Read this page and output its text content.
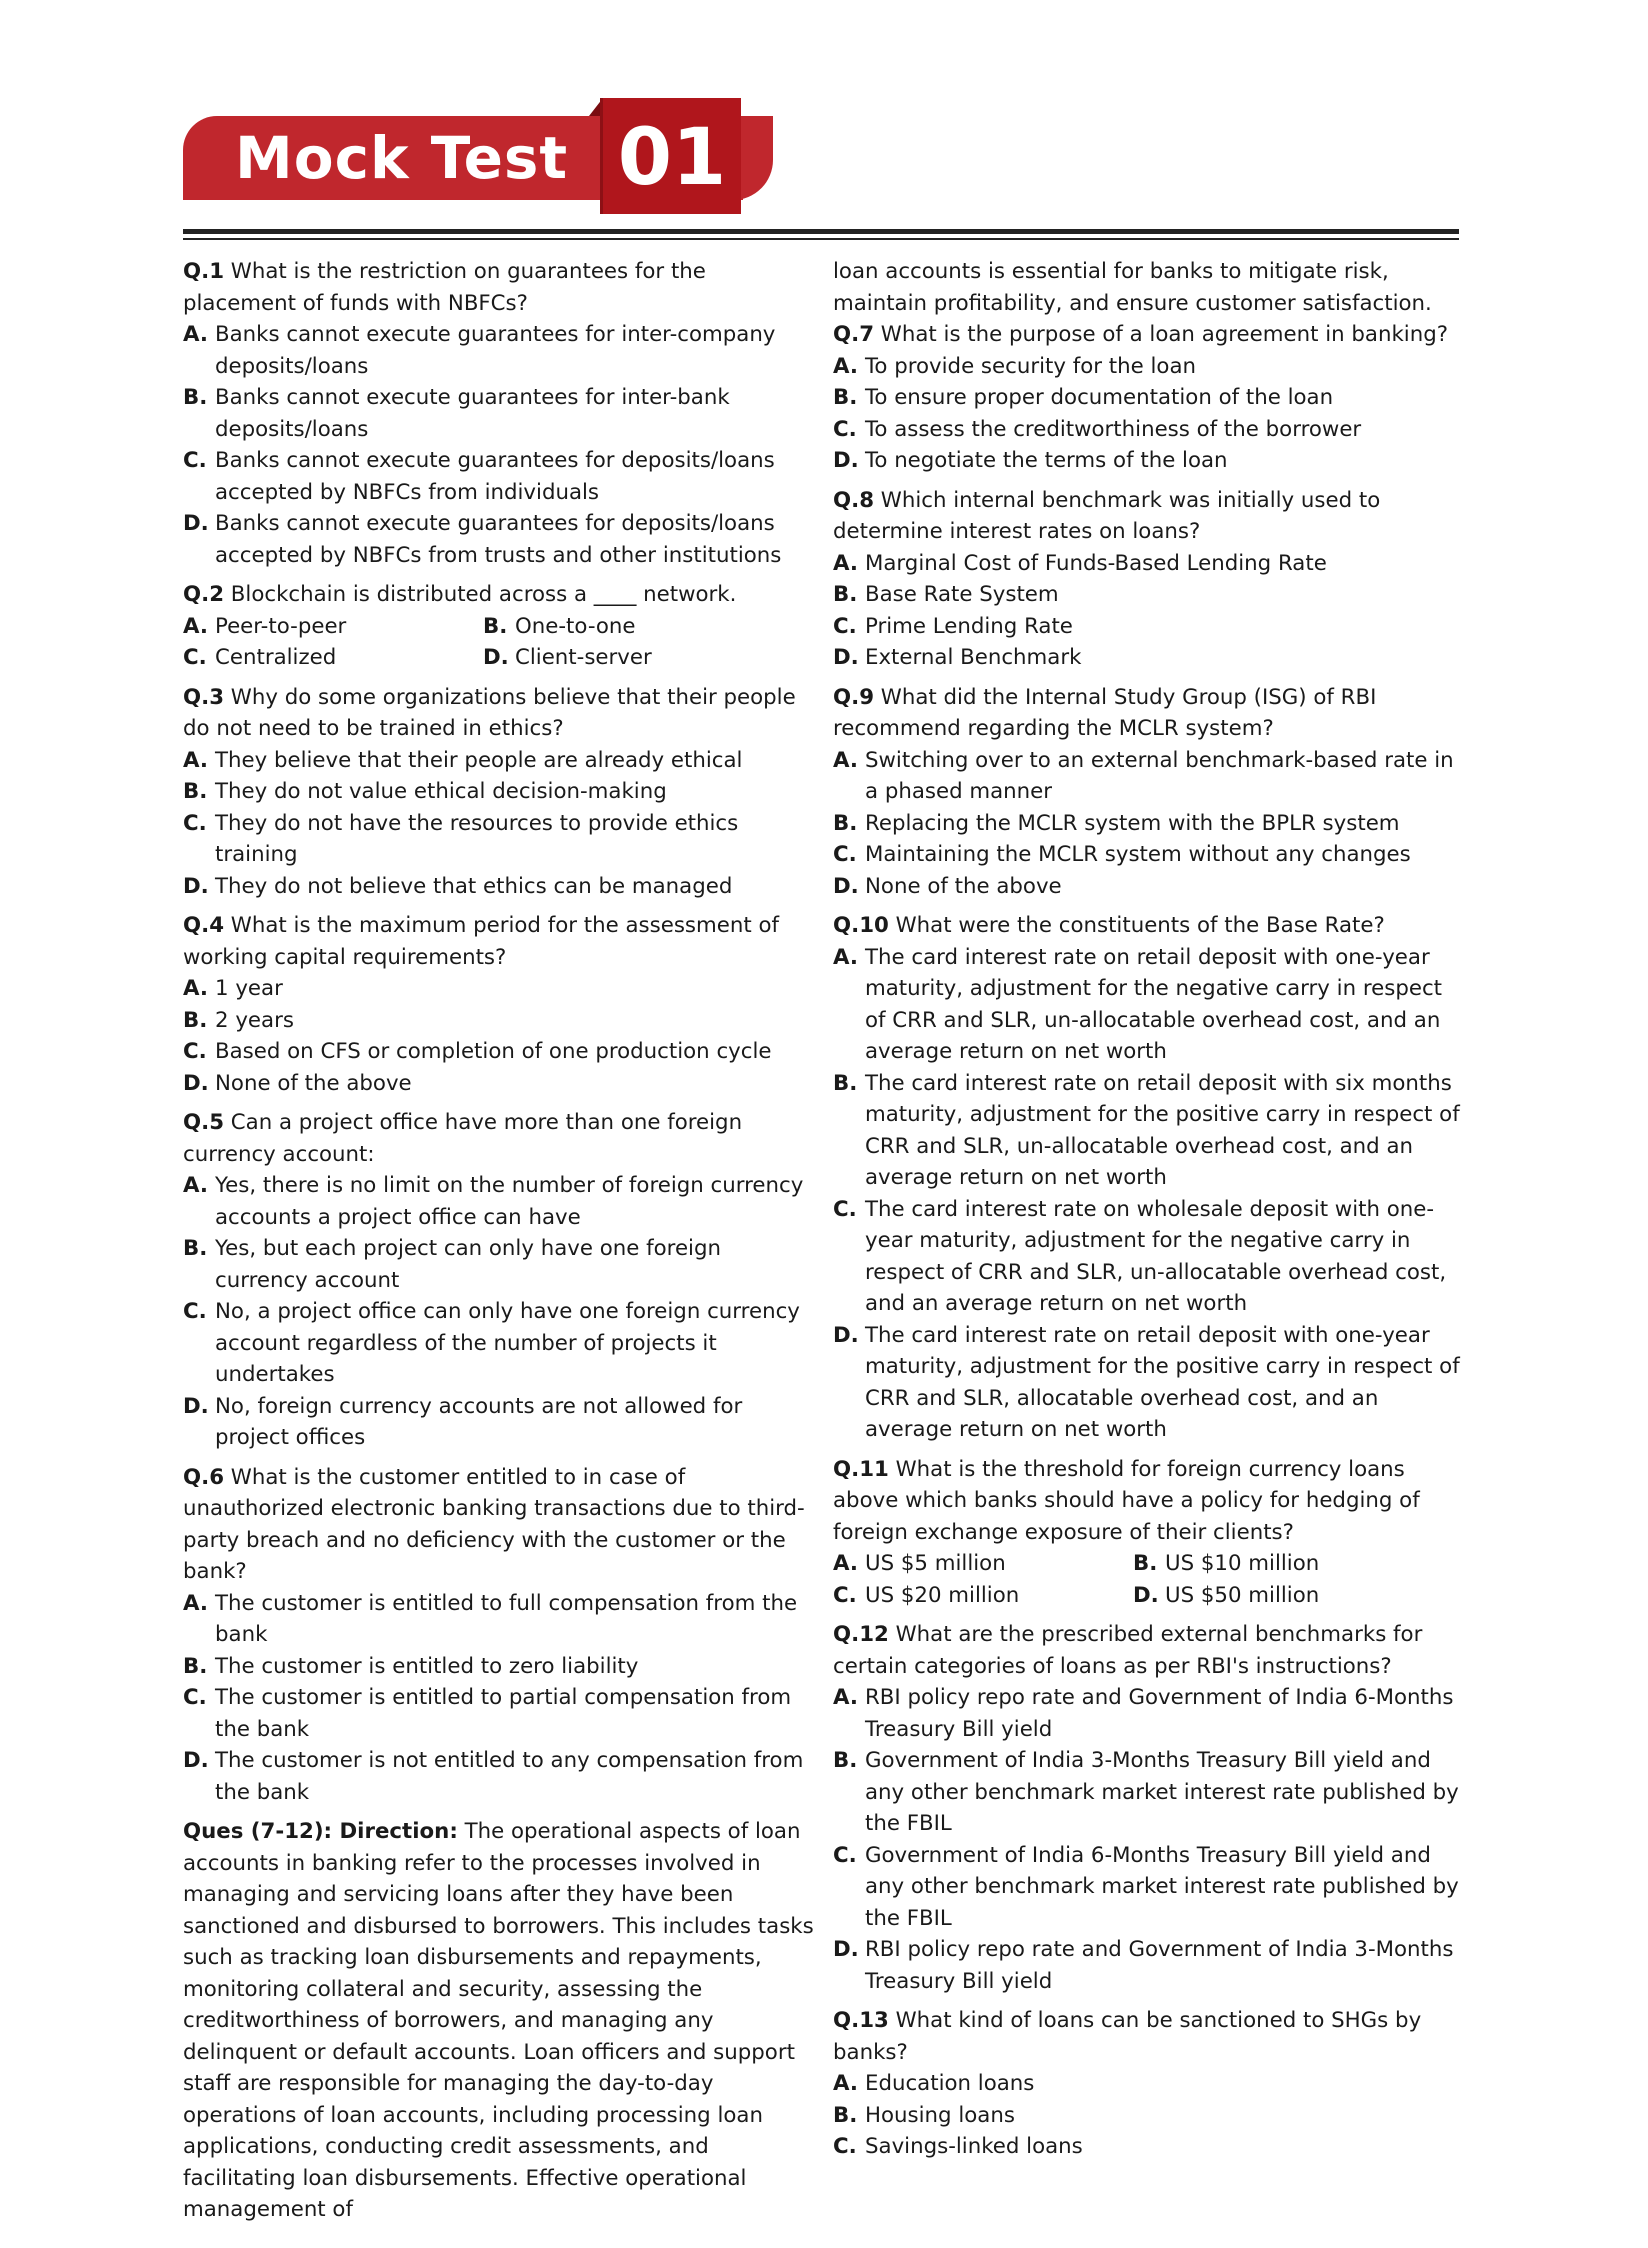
Mock Test 01

Q.1 What is the restriction on guarantees for the placement of funds with NBFCs?

A. Banks cannot execute guarantees for inter-company deposits/loans

B. Banks cannot execute guarantees for inter-bank deposits/loans

C. Banks cannot execute guarantees for deposits/loans accepted by NBFCs from individuals

D. Banks cannot execute guarantees for deposits/loans accepted by NBFCs from trusts and other institutions

Q.2 Blockchain is distributed across a ____ network.

A. Peer-to-peer	B. One-to-one

C. Centralized	D. Client-server

Q.3 Why do some organizations believe that their people do not need to be trained in ethics?

A. They believe that their people are already ethical

B. They do not value ethical decision-making

C. They do not have the resources to provide ethics training

D. They do not believe that ethics can be managed

Q.4 What is the maximum period for the assessment of working capital requirements?

A. 1 year

B. 2 years

C. Based on CFS or completion of one production cycle

D. None of the above

Q.5 Can a project office have more than one foreign currency account:

A. Yes, there is no limit on the number of foreign currency accounts a project office can have

B. Yes, but each project can only have one foreign currency account

C. No, a project office can only have one foreign currency account regardless of the number of projects it undertakes

D. No, foreign currency accounts are not allowed for project offices

Q.6 What is the customer entitled to in case of unauthorized electronic banking transactions due to third-party breach and no deficiency with the customer or the bank?

A. The customer is entitled to full compensation from the bank

B. The customer is entitled to zero liability

C. The customer is entitled to partial compensation from the bank

D. The customer is not entitled to any compensation from the bank

Ques (7-12): Direction: The operational aspects of loan accounts in banking refer to the processes involved in managing and servicing loans after they have been sanctioned and disbursed to borrowers. This includes tasks such as tracking loan disbursements and repayments, monitoring collateral and security, assessing the creditworthiness of borrowers, and managing any delinquent or default accounts. Loan officers and support staff are responsible for managing the day-to-day operations of loan accounts, including processing loan applications, conducting credit assessments, and facilitating loan disbursements. Effective operational management of

loan accounts is essential for banks to mitigate risk, maintain profitability, and ensure customer satisfaction.

Q.7 What is the purpose of a loan agreement in banking?

A. To provide security for the loan

B. To ensure proper documentation of the loan

C. To assess the creditworthiness of the borrower

D. To negotiate the terms of the loan

Q.8 Which internal benchmark was initially used to determine interest rates on loans?

A. Marginal Cost of Funds-Based Lending Rate

B. Base Rate System

C. Prime Lending Rate

D. External Benchmark

Q.9 What did the Internal Study Group (ISG) of RBI recommend regarding the MCLR system?

A. Switching over to an external benchmark-based rate in a phased manner

B. Replacing the MCLR system with the BPLR system

C. Maintaining the MCLR system without any changes

D. None of the above

Q.10 What were the constituents of the Base Rate?

A. The card interest rate on retail deposit with one-year maturity, adjustment for the negative carry in respect of CRR and SLR, un-allocatable overhead cost, and an average return on net worth

B. The card interest rate on retail deposit with six months maturity, adjustment for the positive carry in respect of CRR and SLR, un-allocatable overhead cost, and an average return on net worth

C. The card interest rate on wholesale deposit with one-year maturity, adjustment for the negative carry in respect of CRR and SLR, un-allocatable overhead cost, and an average return on net worth

D. The card interest rate on retail deposit with one-year maturity, adjustment for the positive carry in respect of CRR and SLR, allocatable overhead cost, and an average return on net worth

Q.11 What is the threshold for foreign currency loans above which banks should have a policy for hedging of foreign exchange exposure of their clients?

A. US $5 million	B. US $10 million

C. US $20 million	D. US $50 million

Q.12 What are the prescribed external benchmarks for certain categories of loans as per RBI's instructions?

A. RBI policy repo rate and Government of India 6-Months Treasury Bill yield

B. Government of India 3-Months Treasury Bill yield and any other benchmark market interest rate published by the FBIL

C. Government of India 6-Months Treasury Bill yield and any other benchmark market interest rate published by the FBIL

D. RBI policy repo rate and Government of India 3-Months Treasury Bill yield

Q.13 What kind of loans can be sanctioned to SHGs by banks?

A. Education loans

B. Housing loans

C. Savings-linked loans
